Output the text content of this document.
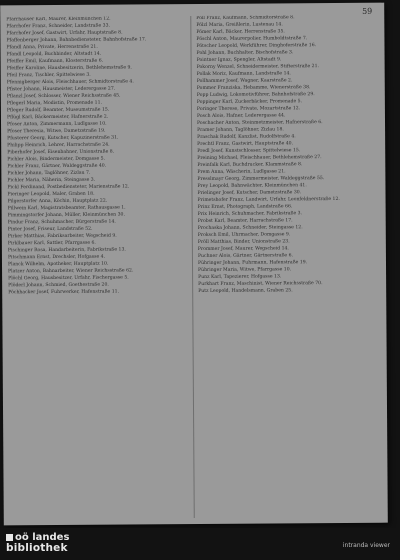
59
Pfarrhauser Karl, Maurer, Kleinmünchen 12.
Pfarrhofer Franz, Schneider, Landstraße 33.
Pfarrhofer Josef, Gastwirt, Urfahr, Hauptstraße 8.
Pfaffenberger Johann, Bahnbediensteter, Bahnhofstraße 17.
Pfandl Anna, Private, Herrenstraße 21.
Pfandl Leopold, Buchbinder, Altstadt 14.
Pfeiffer Emil, Kaufmann, Klosterstraße 6.
Pfeiffer Karoline, Hausbesitzerin, Bethlehemstraße 9.
Pfeil Franz, Tischler, Spittelwiese 3.
Pfennigberger Alois, Fleischhauer, Schmidtorstraße 4.
Pfister Johann, Hausmeister, Lederergasse 27.
Pflanzl Josef, Schlosser, Wiener Reichsstraße 45.
Pflegerl Maria, Modistin, Promenade 11.
Pfleger Rudolf, Beamter, Museumstraße 15.
Pflügl Karl, Bäckermeister, Hafnerstraße 2.
Pfoser Anton, Zimmermann, Ludlgasse 10.
Pfoser Theresia, Witwe, Dametzstraße 19.
Pfusterer Georg, Kutscher, Kapuzinerstraße 31.
Philipp Heinrich, Lehrer, Harrachstraße 24.
Piberhofer Josef, Eisenbahner, Unionstraße 8.
Pichler Alois, Bindermeister, Domgasse 5.
Pichler Franz, Gärtner, Waldeggstraße 40.
Pichler Johann, Taglöhner, Zizlau 7.
Pichler Maria, Näherin, Steingasse 3.
Pickl Ferdinand, Postbediensteter, Marienstraße 12.
Pieringer Leopold, Maler, Graben 18.
Pilgerstorfer Anna, Köchin, Hauptplatz 22.
Pillwein Karl, Magistratsbeamter, Rathausgasse 1.
Pimmingstorfer Johann, Müller, Kleinmünchen 30.
Pindur Franz, Schuhmacher, Bürgerstraße 14.
Pinter Josef, Friseur, Landstraße 52.
Pirker Matthias, Fabriksarbeiter, Wegscheid 9.
Pirklbauer Karl, Sattler, Pfarrgasse 6.
Pischinger Rosa, Handarbeiterin, Fabrikstraße 13.
Pitschmann Ernst, Drechsler, Hofgasse 4.
Planck Wilhelm, Apotheker, Hauptplatz 10.
Platzer Anton, Bahnarbeiter, Wiener Reichsstraße 62.
Plöchl Georg, Hausbesitzer, Urfahr, Fischergasse 5.
Plöderl Johann, Schmied, Goethestraße 20.
Pöchhacker Josef, Fuhrwerker, Hafenstraße 11.
Pöll Franz, Kaufmann, Schmidtorstraße 8.
Pölzl Maria, Greißlerin, Lustenau 14.
Pömer Karl, Bäcker, Herrenstraße 35.
Pöschl Anton, Maurerpolier, Humboldtstraße 7.
Pötscher Leopold, Werkführer, Dinghoferstraße 16.
Pohl Johann, Buchhalter, Bischofstraße 3.
Pointner Ignaz, Spengler, Altstadt 9.
Pokorny Wenzel, Schneidermeister, Stifterstraße 21.
Pollak Moriz, Kaufmann, Landstraße 14.
Pollhammer Josef, Wagner, Kaarstraße 2.
Pommer Franziska, Hebamme, Wienerstraße 38.
Popp Ludwig, Lokomotivführer, Bahnhofstraße 29.
Poppinger Karl, Zuckerbäcker, Promenade 5.
Poringer Therese, Private, Mozartstraße 12.
Posch Alois, Hafner, Lederergasse 44.
Poschacher Anton, Steinmetzmeister, Hafnerstraße 6.
Pramer Johann, Taglöhner, Zizlau 18.
Praschak Rudolf, Kanzlist, Rudolfstraße 4.
Prechtl Franz, Gastwirt, Hauptstraße 40.
Predl Josef, Kunstschlosser, Spittelwiese 15.
Preining Michael, Fleischhauer, Bethlehemstraße 27.
Preinfalk Karl, Buchdrucker, Klammstraße 8.
Prem Anna, Wäscherin, Ludlgasse 21.
Presslmayr Georg, Zimmermeister, Waldeggstraße 55.
Prey Leopold, Bahnwächter, Kleinmünchen 41.
Prielinger Josef, Kutscher, Dametzstraße 30.
Primetshofer Franz, Landwirt, Urfahr, Leonfeldnerstraße 12.
Prinz Ernst, Photograph, Landstraße 66.
Prix Heinrich, Schuhmacher, Fabrikstraße 3.
Probst Karl, Beamter, Harrachstraße 17.
Prochaska Johann, Schneider, Steingasse 12.
Proksch Emil, Uhrmacher, Domgasse 9.
Pröll Matthias, Binder, Unionstraße 23.
Prommer Josef, Maurer, Wegscheid 14.
Puchner Alois, Gärtner, Gärtnerstraße 6.
Pühringer Johann, Fuhrmann, Hafenstraße 19.
Pühringer Maria, Witwe, Pfarrgasse 10.
Punz Karl, Tapezierer, Hofgasse 13.
Purkhart Franz, Maschinist, Wiener Reichsstraße 70.
Putz Leopold, Handelsmann, Graben 25.
oö landes
bibliothek	intranda viewer
